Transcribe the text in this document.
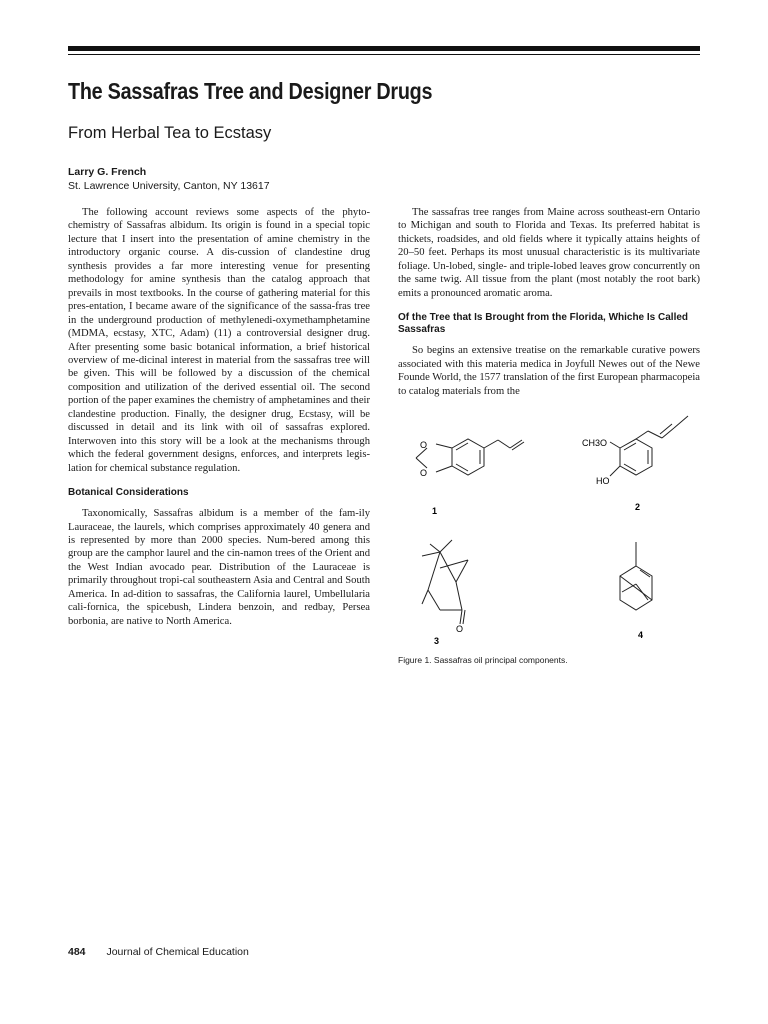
The Sassafras Tree and Designer Drugs
From Herbal Tea to Ecstasy
Larry G. French
St. Lawrence University, Canton, NY 13617

The following account reviews some aspects of the phyto-chemistry of Sassafras albidum. Its origin is found in a special topic lecture that I insert into the presentation of amine chemistry in the introductory organic course. A dis-cussion of clandestine drug synthesis provides a far more interesting venue for presenting methodology for amine synthesis than the catalog approach that prevails in most textbooks. In the course of gathering material for this pres-entation, I became aware of the significance of the sassa-fras tree in the underground production of methylenedi-oxymethamphetamine (MDMA, ecstasy, XTC, Adam) (11) a controversial designer drug. After presenting some basic botanical information, a brief historical overview of me-dicinal interest in material from the sassafras tree will be given. This will be followed by a discussion of the chemical composition and utilization of the derived essential oil. The second portion of the paper examines the chemistry of amphetamines and their clandestine production. Finally, the designer drug, Ecstasy, will be discussed in detail and its link with oil of sassafras explored. Interwoven into this story will be a look at the mechanisms through which the federal government designs, enforces, and interprets legis-lation for chemical substance regulation.

Botanical Considerations

Taxonomically, Sassafras albidum is a member of the fam-ily Lauraceae, the laurels, which comprises approximately 40 genera and is represented by more than 2000 species. Num-bered among this group are the camphor laurel and the cin-namon trees of the Orient and the West Indian avocado pear. Distribution of the Lauraceae is primarily throughout tropi-cal southeastern Asia and Central and South America. In ad-dition to sassafras, the California laurel, Umbellularia cali-fornica, the spicebush, Lindera benzoin, and redbay, Persea borbonia, are native to North America.

The sassafras tree ranges from Maine across southeast-ern Ontario to Michigan and south to Florida and Texas. Its preferred habitat is thickets, roadsides, and old fields where it typically attains heights of 20–50 feet. Perhaps its most unusual characteristic is its multivariate foliage. Un-lobed, single- and triple-lobed leaves grow concurrently on the same twig. All tissue from the plant (most notably the root bark) emits a pronounced aromatic aroma.

Of the Tree that Is Brought from the Florida, Whiche Is Called Sassafras

So begins an extensive treatise on the remarkable curative powers associated with this materia medica in Joyfull Newes out of the Newe Founde World, the 1577 translation of the first European pharmacopeia to catalog materials from the

O
O
CH3O
HO
O
1	2
3
4
Figure 1. Sassafras oil principal components.
484 Journal of Chemical Education
